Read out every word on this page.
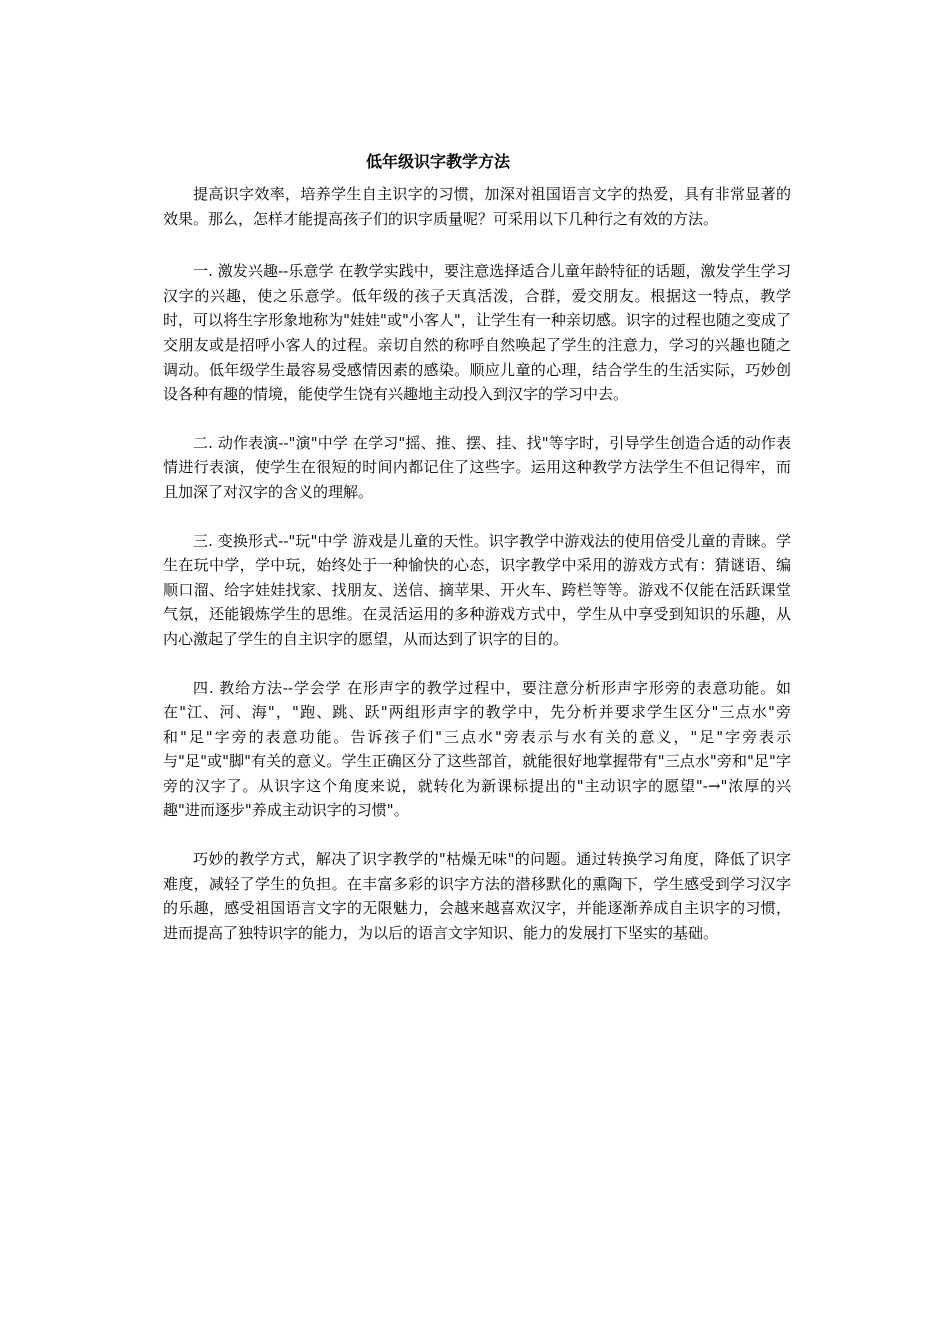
低年级识字教学方法

提高识字效率，培养学生自主识字的习惯，加深对祖国语言文字的热爱，具有非常显著的效果。那么，怎样才能提高孩子们的识字质量呢？可采用以下几种行之有效的方法。

一. 激发兴趣--乐意学 在教学实践中，要注意选择适合儿童年龄特征的话题，激发学生学习汉字的兴趣，使之乐意学。低年级的孩子天真活泼，合群，爱交朋友。根据这一特点，教学时，可以将生字形象地称为"娃娃"或"小客人"，让学生有一种亲切感。识字的过程也随之变成了交朋友或是招呼小客人的过程。亲切自然的称呼自然唤起了学生的注意力，学习的兴趣也随之调动。低年级学生最容易受感情因素的感染。顺应儿童的心理，结合学生的生活实际，巧妙创设各种有趣的情境，能使学生饶有兴趣地主动投入到汉字的学习中去。

二. 动作表演--"演"中学 在学习"摇、推、摆、挂、找"等字时，引导学生创造合适的动作表情进行表演，使学生在很短的时间内都记住了这些字。运用这种教学方法学生不但记得牢，而且加深了对汉字的含义的理解。

三. 变换形式--"玩"中学 游戏是儿童的天性。识字教学中游戏法的使用倍受儿童的青睐。学生在玩中学，学中玩，始终处于一种愉快的心态，识字教学中采用的游戏方式有：猜谜语、编顺口溜、给字娃娃找家、找朋友、送信、摘苹果、开火车、跨栏等等。游戏不仅能在活跃课堂气氛，还能锻炼学生的思维。在灵活运用的多种游戏方式中，学生从中享受到知识的乐趣，从内心激起了学生的自主识字的愿望，从而达到了识字的目的。

四. 教给方法--学会学 在形声字的教学过程中，要注意分析形声字形旁的表意功能。如在"江、河、海"，"跑、跳、跃"两组形声字的教学中，先分析并要求学生区分"三点水"旁和"足"字旁的表意功能。告诉孩子们"三点水"旁表示与水有关的意义，"足"字旁表示与"足"或"脚"有关的意义。学生正确区分了这些部首，就能很好地掌握带有"三点水"旁和"足"字旁的汉字了。从识字这个角度来说，就转化为新课标提出的"主动识字的愿望"-→"浓厚的兴趣"进而逐步"养成主动识字的习惯"。

巧妙的教学方式，解决了识字教学的"枯燥无味"的问题。通过转换学习角度，降低了识字难度，减轻了学生的负担。在丰富多彩的识字方法的潜移默化的熏陶下，学生感受到学习汉字的乐趣，感受祖国语言文字的无限魅力，会越来越喜欢汉字，并能逐渐养成自主识字的习惯，进而提高了独特识字的能力，为以后的语言文字知识、能力的发展打下坚实的基础。
